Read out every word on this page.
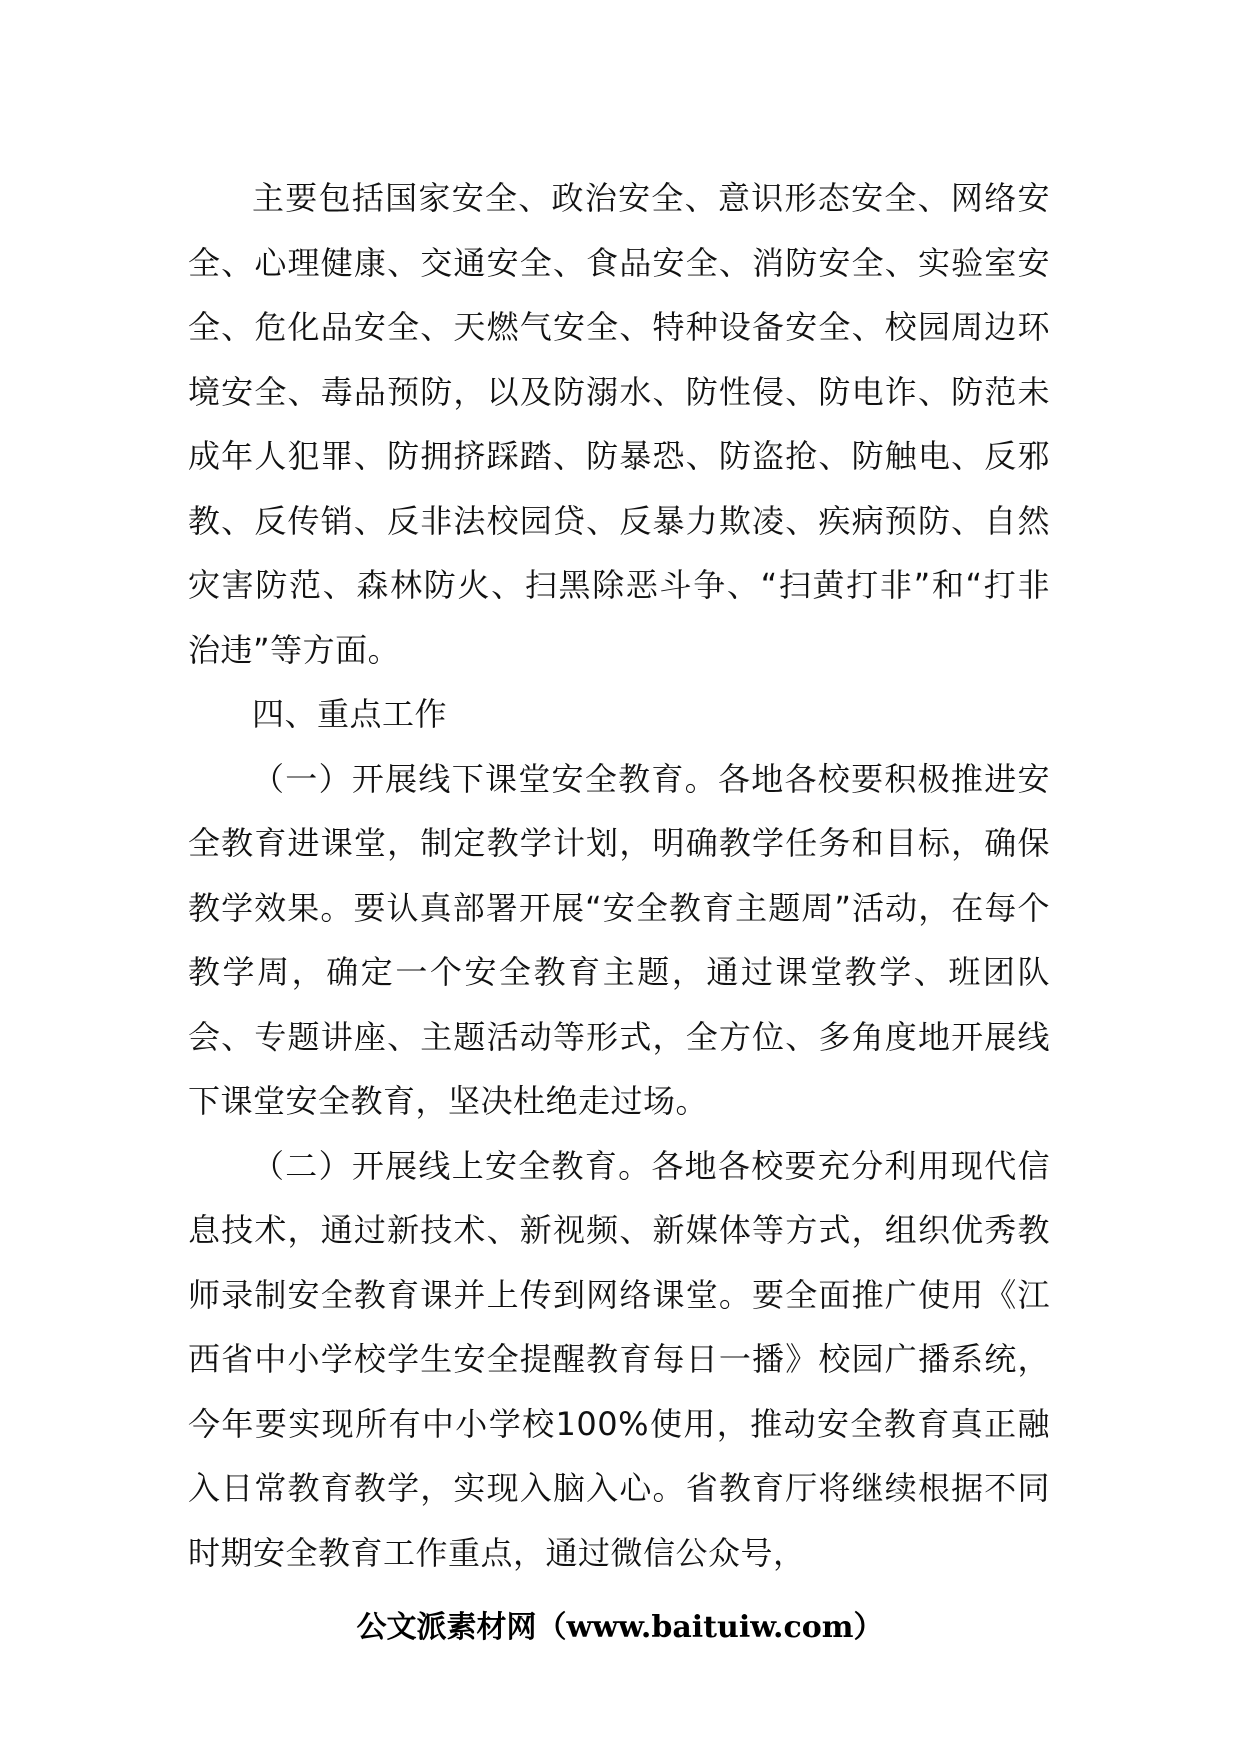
主要包括国家安全、政治安全、意识形态安全、网络安全、心理健康、交通安全、食品安全、消防安全、实验室安全、危化品安全、天燃气安全、特种设备安全、校园周边环境安全、毒品预防，以及防溺水、防性侵、防电诈、防范未成年人犯罪、防拥挤踩踏、防暴恐、防盗抢、防触电、反邪教、反传销、反非法校园贷、反暴力欺凌、疾病预防、自然灾害防范、森林防火、扫黑除恶斗争、“扫黄打非”和“打非治违”等方面。

四、重点工作

（一）开展线下课堂安全教育。各地各校要积极推进安全教育进课堂，制定教学计划，明确教学任务和目标，确保教学效果。要认真部署开展“安全教育主题周”活动，在每个教学周，确定一个安全教育主题，通过课堂教学、班团队会、专题讲座、主题活动等形式，全方位、多角度地开展线下课堂安全教育，坚决杜绝走过场。

（二）开展线上安全教育。各地各校要充分利用现代信息技术，通过新技术、新视频、新媒体等方式，组织优秀教师录制安全教育课并上传到网络课堂。要全面推广使用《江西省中小学校学生安全提醒教育每日一播》校园广播系统，今年要实现所有中小学校100%使用，推动安全教育真正融入日常教育教学，实现入脑入心。省教育厅将继续根据不同时期安全教育工作重点，通过微信公众号，

公文派素材网（www.baituiw.com）
